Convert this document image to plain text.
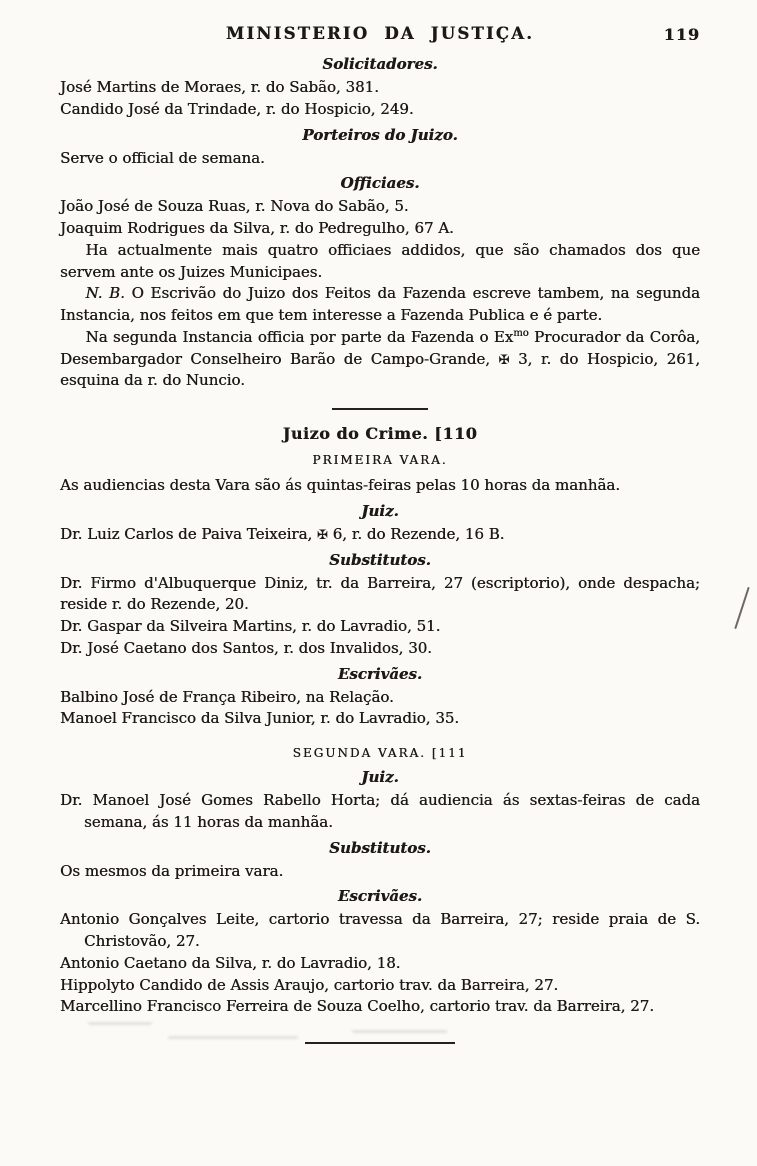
MINISTERIO DA JUSTIÇA.	119
Solicitadores.

José Martins de Moraes, r. do Sabão, 381.

Candido José da Trindade, r. do Hospicio, 249.

Porteiros do Juizo.

Serve o official de semana.

Officiaes.

João José de Souza Ruas, r. Nova do Sabão, 5.

Joaquim Rodrigues da Silva, r. do Pedregulho, 67 A.

Ha actualmente mais quatro officiaes addidos, que são chamados dos que servem ante os Juizes Municipaes.

N. B. O Escrivão do Juizo dos Feitos da Fazenda escreve tambem, na segunda Instancia, nos feitos em que tem interesse a Fazenda Publica e é parte.

Na segunda Instancia officia por parte da Fazenda o $Ex^{mo}$ Procurador da Corôa, Desembargador Conselheiro Barão de Campo-Grande, ✠ 3, r. do Hospicio, 261, esquina da r. do Nuncio.

Juizo do Crime. [110
PRIMEIRA VARA.

As audiencias desta Vara são ás quintas-feiras pelas 10 horas da manhãa.

Juiz.

Dr. Luiz Carlos de Paiva Teixeira, ✠ 6, r. do Rezende, 16 B.

Substitutos.

Dr. Firmo d'Albuquerque Diniz, tr. da Barreira, 27 (escriptorio), onde despacha; reside r. do Rezende, 20.

Dr. Gaspar da Silveira Martins, r. do Lavradio, 51.

Dr. José Caetano dos Santos, r. dos Invalidos, 30.

Escrivães.

Balbino José de França Ribeiro, na Relação.

Manoel Francisco da Silva Junior, r. do Lavradio, 35.

SEGUNDA VARA. [111
Juiz.

Dr. Manoel José Gomes Rabello Horta; dá audiencia ás sextas-feiras de cada semana, ás 11 horas da manhãa.

Substitutos.

Os mesmos da primeira vara.

Escrivães.

Antonio Gonçalves Leite, cartorio travessa da Barreira, 27; reside praia de S. Christovão, 27.

Antonio Caetano da Silva, r. do Lavradio, 18.

Hippolyto Candido de Assis Araujo, cartorio trav. da Barreira, 27.

Marcellino Francisco Ferreira de Souza Coelho, cartorio trav. da Barreira, 27.
